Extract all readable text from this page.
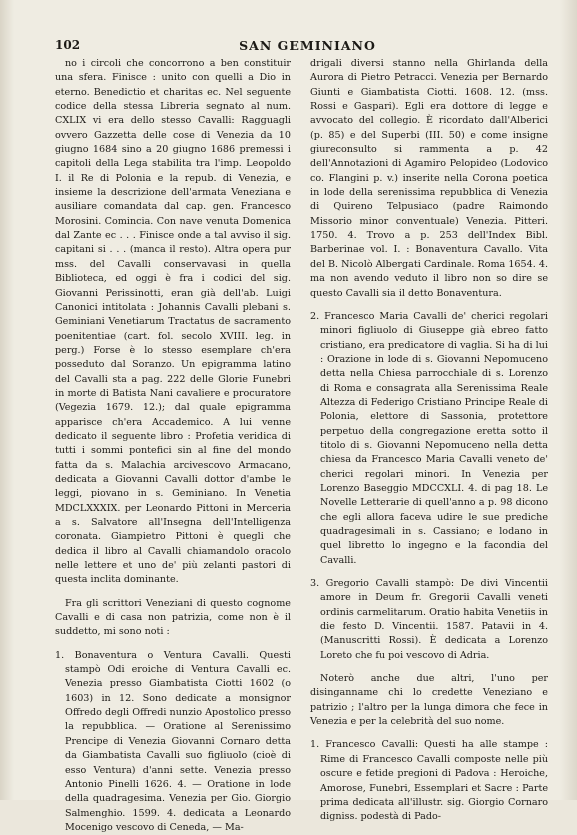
102	SAN GEMINIANO

no i circoli che concorrono a ben constituir una sfera. Finisce : unito con quelli a Dio in eterno. Benedictio et charitas ec. Nel seguente codice della stessa Libreria segnato al num. CXLIX vi era dello stesso Cavalli: Ragguagli ovvero Gazzetta delle cose di Venezia da 10 giugno 1684 sino a 20 giugno 1686 premessi i capitoli della Lega stabilita tra l'imp. Leopoldo I. il Re di Polonia e la repub. di Venezia, e insieme la descrizione dell'armata Veneziana e ausiliare comandata dal cap. gen. Francesco Morosini. Comincia. Con nave venuta Domenica dal Zante ec . . . Finisce onde a tal avviso il sig. capitani si . . . (manca il resto). Altra opera pur mss. del Cavalli conservavasi in quella Biblioteca, ed oggi è fra i codici del sig. Giovanni Perissinotti, eran già dell'ab. Luigi Canonici intitolata : Johannis Cavalli plebani s. Geminiani Venetiarum Tractatus de sacramento poenitentiae (cart. fol. secolo XVIII. leg. in perg.) Forse è lo stesso esemplare ch'era posseduto dal Soranzo. Un epigramma latino del Cavalli sta a pag. 222 delle Glorie Funebri in morte di Batista Nani cavaliere e procuratore (Vegezia 1679. 12.); dal quale epigramma apparisce ch'era Accademico. A lui venne dedicato il seguente libro : Profetia veridica di tutti i sommi pontefici sin al fine del mondo fatta da s. Malachia arcivescovo Armacano, dedicata a Giovanni Cavalli dottor d'ambe le leggi, piovano in s. Geminiano. In Venetia MDCLXXXIX. per Leonardo Pittoni in Merceria a s. Salvatore all'Insegna dell'Intelligenza coronata. Giampietro Pittoni è quegli che dedica il libro al Cavalli chiamandolo oracolo nelle lettere et uno de' più zelanti pastori di questa inclita dominante.

Fra gli scrittori Veneziani di questo cognome Cavalli e di casa non patrizia, come non è il suddetto, mi sono noti :

1. Bonaventura o Ventura Cavalli. Questi stampò Odi eroiche di Ventura Cavalli ec. Venezia presso Giambatista Ciotti 1602 (o 1603) in 12. Sono dedicate a monsignor Offredo degli Offredi nunzio Apostolico presso la repubblica. — Oratione al Serenissimo Prencipe di Venezia Giovanni Cornaro detta da Giambatista Cavalli suo figliuolo (cioè di esso Ventura) d'anni sette. Venezia presso Antonio Pinelli 1626. 4. — Oratione in lode della quadragesima. Venezia per Gio. Giorgio Salmenghio. 1599. 4. dedicata a Leonardo Mocenigo vescovo di Ceneda, — Ma-

drigali diversi stanno nella Ghirlanda della Aurora di Pietro Petracci. Venezia per Bernardo Giunti e Giambatista Ciotti. 1608. 12. (mss. Rossi e Gaspari). Egli era dottore di legge e avvocato del collegio. È ricordato dall'Alberici (p. 85) e del Superbi (III. 50) e come insigne giureconsulto si rammenta a p. 42 dell'Annotazioni di Agamiro Pelopideo (Lodovico co. Flangini p. v.) inserite nella Corona poetica in lode della serenissima repubblica di Venezia di Quireno Telpusiaco (padre Raimondo Missorio minor conventuale) Venezia. Pitteri. 1750. 4. Trovo a p. 253 dell'Index Bibl. Barberinae vol. I. : Bonaventura Cavallo. Vita del B. Nicolò Albergati Cardinale. Roma 1654. 4. ma non avendo veduto il libro non so dire se questo Cavalli sia il detto Bonaventura.

2. Francesco Maria Cavalli de' cherici regolari minori figliuolo di Giuseppe già ebreo fatto cristiano, era predicatore di vaglia. Si ha di lui : Orazione in lode di s. Giovanni Nepomuceno detta nella Chiesa parrocchiale di s. Lorenzo di Roma e consagrata alla Serenissima Reale Altezza di Federigo Cristiano Principe Reale di Polonia, elettore di Sassonia, protettore perpetuo della congregazione eretta sotto il titolo di s. Giovanni Nepomuceno nella detta chiesa da Francesco Maria Cavalli veneto de' cherici regolari minori. In Venezia per Lorenzo Baseggio MDCCXLI. 4. di pag 18. Le Novelle Letterarie di quell'anno a p. 98 dicono che egli allora faceva udire le sue prediche quadragesimali in s. Cassiano; e lodano in quel libretto lo ingegno e la facondia del Cavalli.

3. Gregorio Cavalli stampò: De divi Vincentii amore in Deum fr. Gregorii Cavalli veneti ordinis carmelitarum. Oratio habita Venetiis in die festo D. Vincentii. 1587. Patavii in 4. (Manuscritti Rossi). È dedicata a Lorenzo Loreto che fu poi vescovo di Adria.

Noterò anche due altri, l'uno per disinganname chi lo credette Veneziano e patrizio ; l'altro per la lunga dimora che fece in Venezia e per la celebrità del suo nome.

1. Francesco Cavalli: Questi ha alle stampe : Rime di Francesco Cavalli composte nelle più oscure e fetide pregioni di Padova : Heroiche, Amorose, Funebri, Essemplari et Sacre : Parte prima dedicata all'illustr. sig. Giorgio Cornaro digniss. podestà di Pado-
